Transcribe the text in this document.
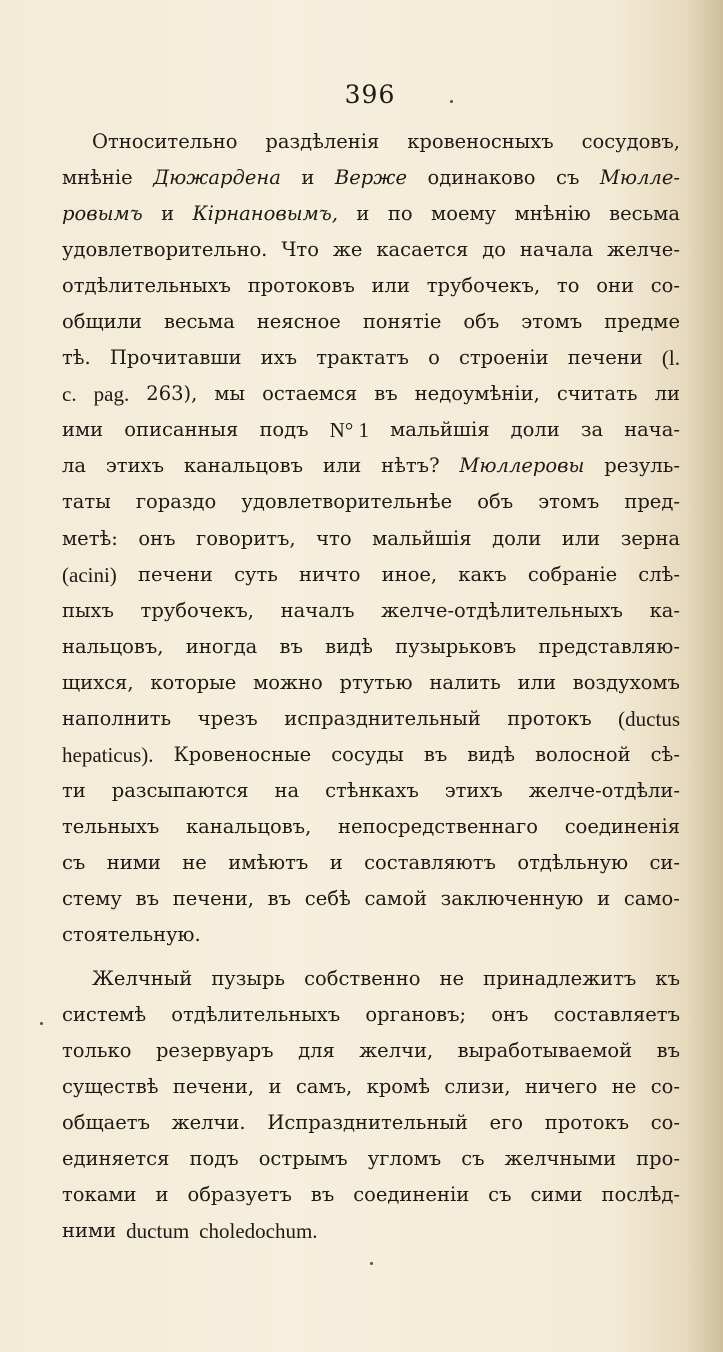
396
Относительно раздѣленія кровеносныхъ сосудовъ,
мнѣніе Дюжардена и Верже одинаково съ Мюлле-
ровымъ и Кірнановымъ, и по моему мнѣнію весьма
удовлетворительно. Что же касается до начала желче-
отдѣлительныхъ протоковъ или трубочекъ, то они со-
общили весьма неясное понятіе объ этомъ предме
тѣ. Прочитавши ихъ трактатъ о строеніи печени (l.
c. pag. 263), мы остаемся въ недоумѣніи, считать ли
ими описанныя подъ N° 1 мальйшія доли за нача-
ла этихъ канальцовъ или нѣтъ? Мюллеровы резуль-
таты гораздо удовлетворительнѣе объ этомъ пред-
метѣ: онъ говоритъ, что мальйшія доли или зерна
(acini) печени суть ничто иное, какъ собраніе слѣ-
пыхъ трубочекъ, началъ желче-отдѣлительныхъ ка-
нальцовъ, иногда въ видѣ пузырьковъ представляю-
щихся, которые можно ртутью налить или воздухомъ
наполнить чрезъ испразднительный протокъ (ductus
hepaticus). Кровеносные сосуды въ видѣ волосной сѣ-
ти разсыпаются на стѣнкахъ этихъ желче-отдѣли-
тельныхъ канальцовъ, непосредственнаго соединенія
съ ними не имѣютъ и составляютъ отдѣльную си-
стему въ печени, въ себѣ самой заключенную и само-
стоятельную.
Желчный пузырь собственно не принадлежитъ къ
системѣ отдѣлительныхъ органовъ; онъ составляетъ
только резервуаръ для желчи, выработываемой въ
существѣ печени, и самъ, кромѣ слизи, ничего не со-
общаетъ желчи. Испразднительный его протокъ со-
единяется подъ острымъ угломъ съ желчными про-
токами и образуетъ въ соединеніи съ сими послѣд-
ними ductum choledochum.
